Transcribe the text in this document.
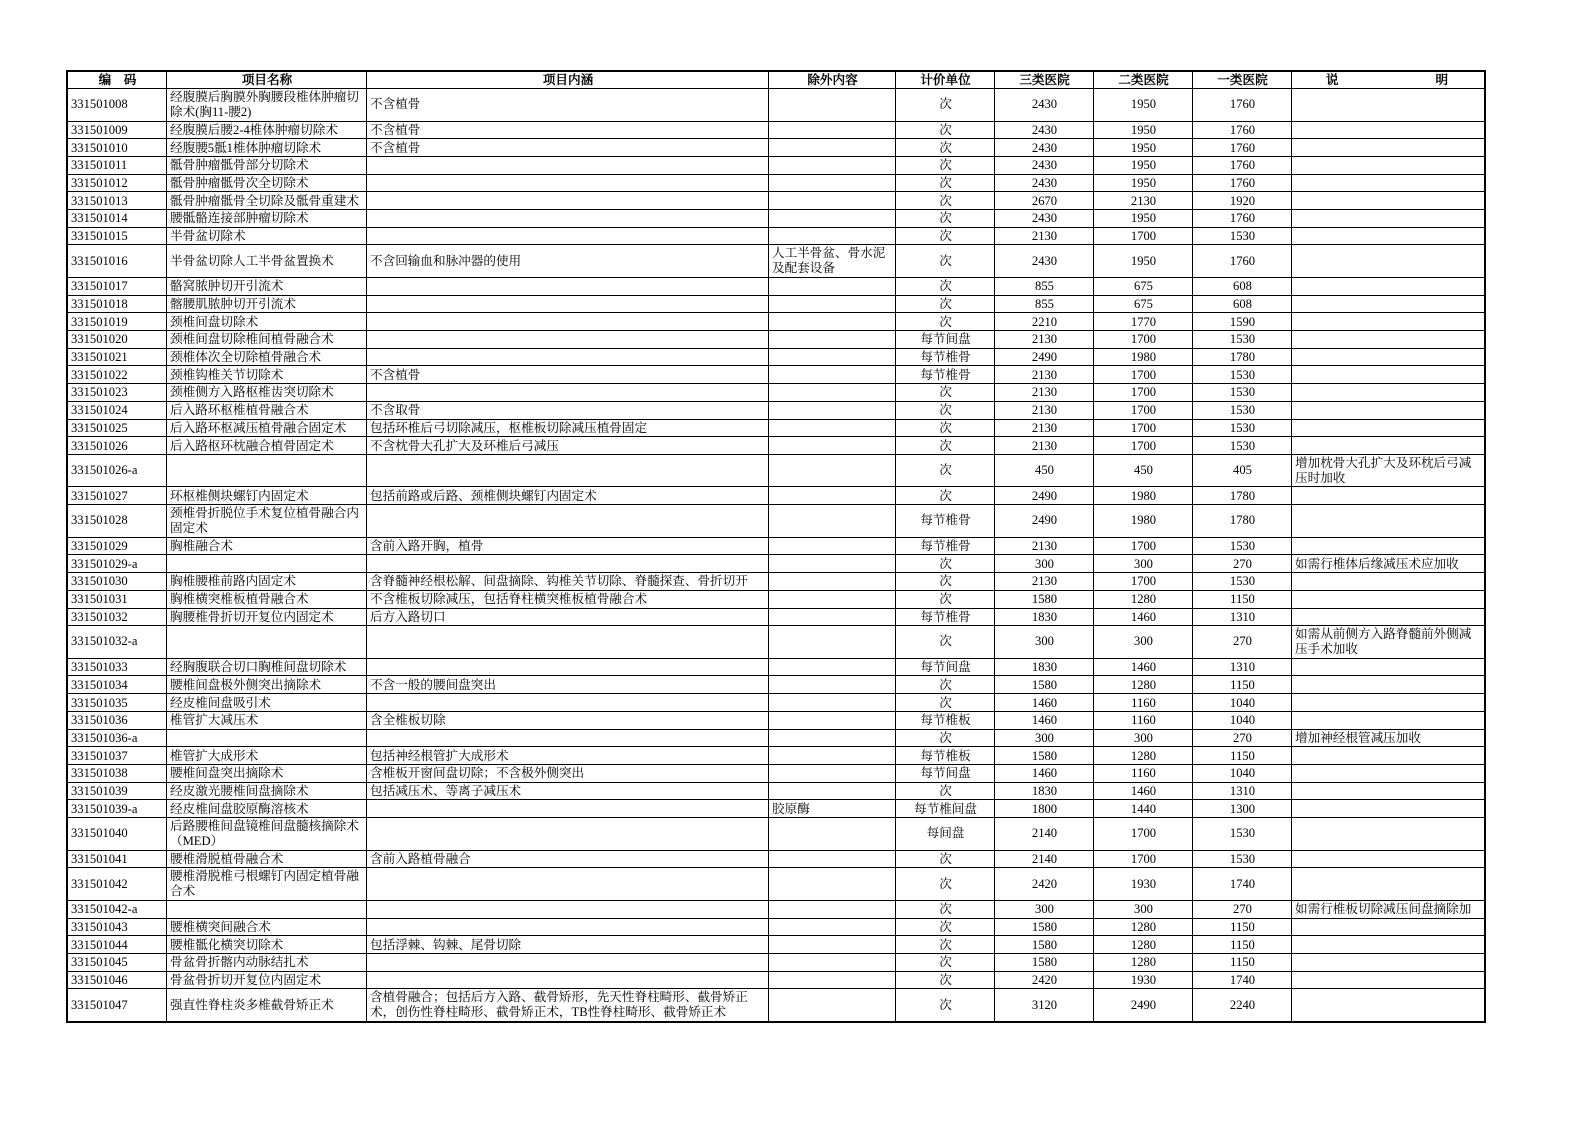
编　码	项目名称	项目内涵	除外内容	计价单位	三类医院	二类医院	一类医院	说　　明
331501008	经腹膜后胸膜外胸腰段椎体肿瘤切除术(胸11-腰2)	不含植骨		次	2430	1950	1760	
331501009	经腹膜后腰2-4椎体肿瘤切除术	不含植骨		次	2430	1950	1760	
331501010	经腹腰5骶1椎体肿瘤切除术	不含植骨		次	2430	1950	1760	
331501011	骶骨肿瘤骶骨部分切除术			次	2430	1950	1760	
331501012	骶骨肿瘤骶骨次全切除术			次	2430	1950	1760	
331501013	骶骨肿瘤骶骨全切除及骶骨重建术			次	2670	2130	1920	
331501014	腰骶骼连接部肿瘤切除术			次	2430	1950	1760	
331501015	半骨盆切除术			次	2130	1700	1530	
331501016	半骨盆切除人工半骨盆置换术	不含回输血和脉冲器的使用	人工半骨盆、骨水泥及配套设备	次	2430	1950	1760	
331501017	骼窝脓肿切开引流术			次	855	675	608	
331501018	髂腰肌脓肿切开引流术			次	855	675	608	
331501019	颈椎间盘切除术			次	2210	1770	1590	
331501020	颈椎间盘切除椎间植骨融合术			每节间盘	2130	1700	1530	
331501021	颈椎体次全切除植骨融合术			每节椎骨	2490	1980	1780	
331501022	颈椎钩椎关节切除术	不含植骨		每节椎骨	2130	1700	1530	
331501023	颈椎侧方入路枢椎齿突切除术			次	2130	1700	1530	
331501024	后入路环枢椎植骨融合术	不含取骨		次	2130	1700	1530	
331501025	后入路环枢减压植骨融合固定术	包括环椎后弓切除减压，枢椎板切除减压植骨固定		次	2130	1700	1530	
331501026	后入路枢环枕融合植骨固定术	不含枕骨大孔扩大及环椎后弓减压		次	2130	1700	1530	
331501026-a				次	450	450	405	增加枕骨大孔扩大及环枕后弓减压时加收
331501027	环枢椎侧块螺钉内固定术	包括前路或后路、颈椎侧块螺钉内固定术		次	2490	1980	1780	
331501028	颈椎骨折脱位手术复位植骨融合内固定术			每节椎骨	2490	1980	1780	
331501029	胸椎融合术	含前入路开胸，植骨		每节椎骨	2130	1700	1530	
331501029-a				次	300	300	270	如需行椎体后缘减压术应加收
331501030	胸椎腰椎前路内固定术	含脊髓神经根松解、间盘摘除、钩椎关节切除、脊髓探查、骨折切开		次	2130	1700	1530	
331501031	胸椎横突椎板植骨融合术	不含椎板切除减压，包括脊柱横突椎板植骨融合术		次	1580	1280	1150	
331501032	胸腰椎骨折切开复位内固定术	后方入路切口		每节椎骨	1830	1460	1310	
331501032-a				次	300	300	270	如需从前侧方入路脊髓前外侧减压手术加收
331501033	经胸腹联合切口胸椎间盘切除术			每节间盘	1830	1460	1310	
331501034	腰椎间盘极外侧突出摘除术	不含一般的腰间盘突出		次	1580	1280	1150	
331501035	经皮椎间盘吸引术			次	1460	1160	1040	
331501036	椎管扩大减压术	含全椎板切除		每节椎板	1460	1160	1040	
331501036-a				次	300	300	270	增加神经根管减压加收
331501037	椎管扩大成形术	包括神经根管扩大成形术		每节椎板	1580	1280	1150	
331501038	腰椎间盘突出摘除术	含椎板开窗间盘切除；不含极外侧突出		每节间盘	1460	1160	1040	
331501039	经皮激光腰椎间盘摘除术	包括减压术、等离子减压术		次	1830	1460	1310	
331501039-a	经皮椎间盘胶原酶溶核术		胶原酶	每节椎间盘	1800	1440	1300	
331501040	后路腰椎间盘镜椎间盘髓核摘除术（MED）			每间盘	2140	1700	1530	
331501041	腰椎滑脱植骨融合术	含前入路植骨融合		次	2140	1700	1530	
331501042	腰椎滑脱椎弓根螺钉内固定植骨融合术			次	2420	1930	1740	
331501042-a				次	300	300	270	如需行椎板切除减压间盘摘除加
331501043	腰椎横突间融合术			次	1580	1280	1150	
331501044	腰椎骶化横突切除术	包括浮棘、钩棘、尾骨切除		次	1580	1280	1150	
331501045	骨盆骨折髂内动脉结扎术			次	1580	1280	1150	
331501046	骨盆骨折切开复位内固定术			次	2420	1930	1740	
331501047	强直性脊柱炎多椎截骨矫正术	含植骨融合；包括后方入路、截骨矫形，先天性脊柱畸形、截骨矫正术，创伤性脊柱畸形、截骨矫正术，TB性脊柱畸形、截骨矫正术		次	3120	2490	2240	
